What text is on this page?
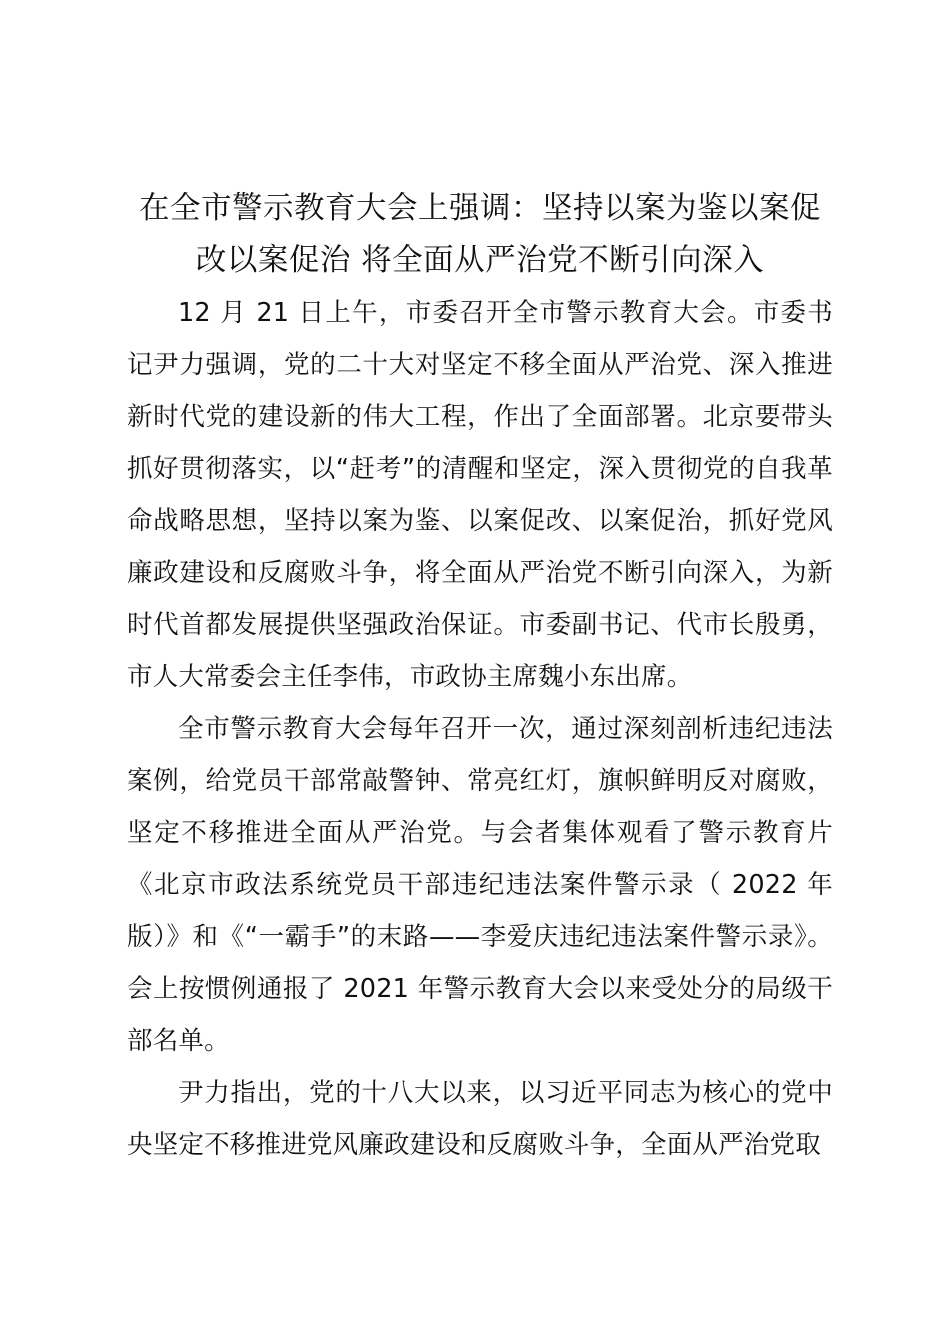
在全市警示教育大会上强调：坚持以案为鉴以案促改以案促治 将全面从严治党不断引向深入

12 月 21 日上午，市委召开全市警示教育大会。市委书记尹力强调，党的二十大对坚定不移全面从严治党、深入推进新时代党的建设新的伟大工程，作出了全面部署。北京要带头抓好贯彻落实，以“赶考”的清醒和坚定，深入贯彻党的自我革命战略思想，坚持以案为鉴、以案促改、以案促治，抓好党风廉政建设和反腐败斗争，将全面从严治党不断引向深入，为新时代首都发展提供坚强政治保证。市委副书记、代市长殷勇，市人大常委会主任李伟，市政协主席魏小东出席。

全市警示教育大会每年召开一次，通过深刻剖析违纪违法案例，给党员干部常敲警钟、常亮红灯，旗帜鲜明反对腐败，坚定不移推进全面从严治党。与会者集体观看了警示教育片《北京市政法系统党员干部违纪违法案件警示录（ 2022 年版）》和《“一霸手”的末路——李爱庆违纪违法案件警示录》。会上按惯例通报了 2021 年警示教育大会以来受处分的局级干部名单。

尹力指出，党的十八大以来，以习近平同志为核心的党中央坚定不移推进党风廉政建设和反腐败斗争，全面从严治党取
